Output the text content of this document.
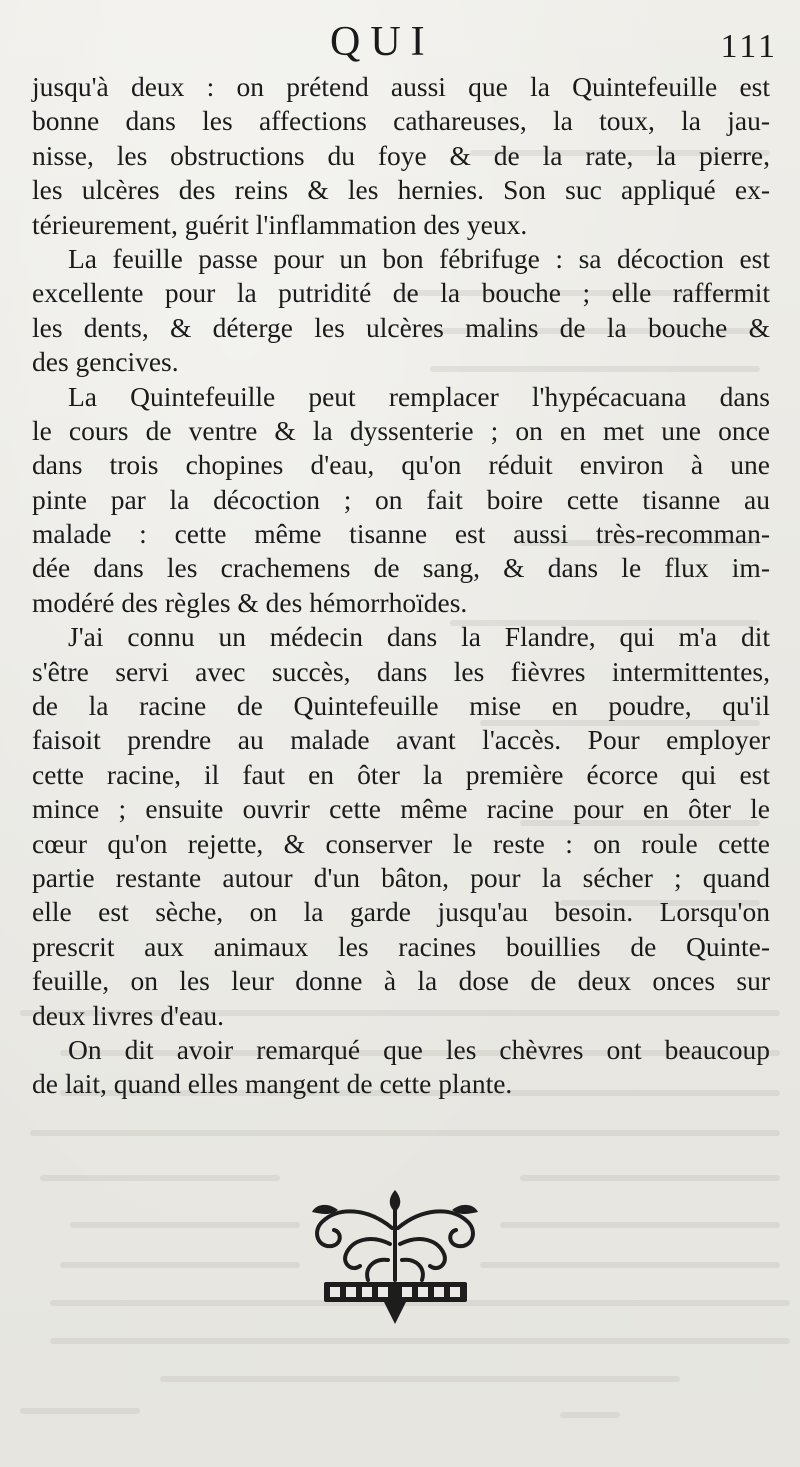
QUI	111

jusqu'à deux : on prétend aussi que la Quintefeuille est
bonne dans les affections cathareuses, la toux, la jau-
nisse, les obstructions du foye & de la rate, la pierre,
les ulcères des reins & les hernies. Son suc appliqué ex-
térieurement, guérit l'inflammation des yeux.

La feuille passe pour un bon fébrifuge : sa décoction est
excellente pour la putridité de la bouche ; elle raffermit
les dents, & déterge les ulcères malins de la bouche &
des gencives.

La Quintefeuille peut remplacer l'hypécacuana dans
le cours de ventre & la dyssenterie ; on en met une once
dans trois chopines d'eau, qu'on réduit environ à une
pinte par la décoction ; on fait boire cette tisanne au
malade : cette même tisanne est aussi très-recomman-
dée dans les crachemens de sang, & dans le flux im-
modéré des règles & des hémorrhoïdes.

J'ai connu un médecin dans la Flandre, qui m'a dit
s'être servi avec succès, dans les fièvres intermittentes,
de la racine de Quintefeuille mise en poudre, qu'il
faisoit prendre au malade avant l'accès. Pour employer
cette racine, il faut en ôter la première écorce qui est
mince ; ensuite ouvrir cette même racine pour en ôter le
cœur qu'on rejette, & conserver le reste : on roule cette
partie restante autour d'un bâton, pour la sécher ; quand
elle est sèche, on la garde jusqu'au besoin. Lorsqu'on
prescrit aux animaux les racines bouillies de Quinte-
feuille, on les leur donne à la dose de deux onces sur
deux livres d'eau.

On dit avoir remarqué que les chèvres ont beaucoup
de lait, quand elles mangent de cette plante.
